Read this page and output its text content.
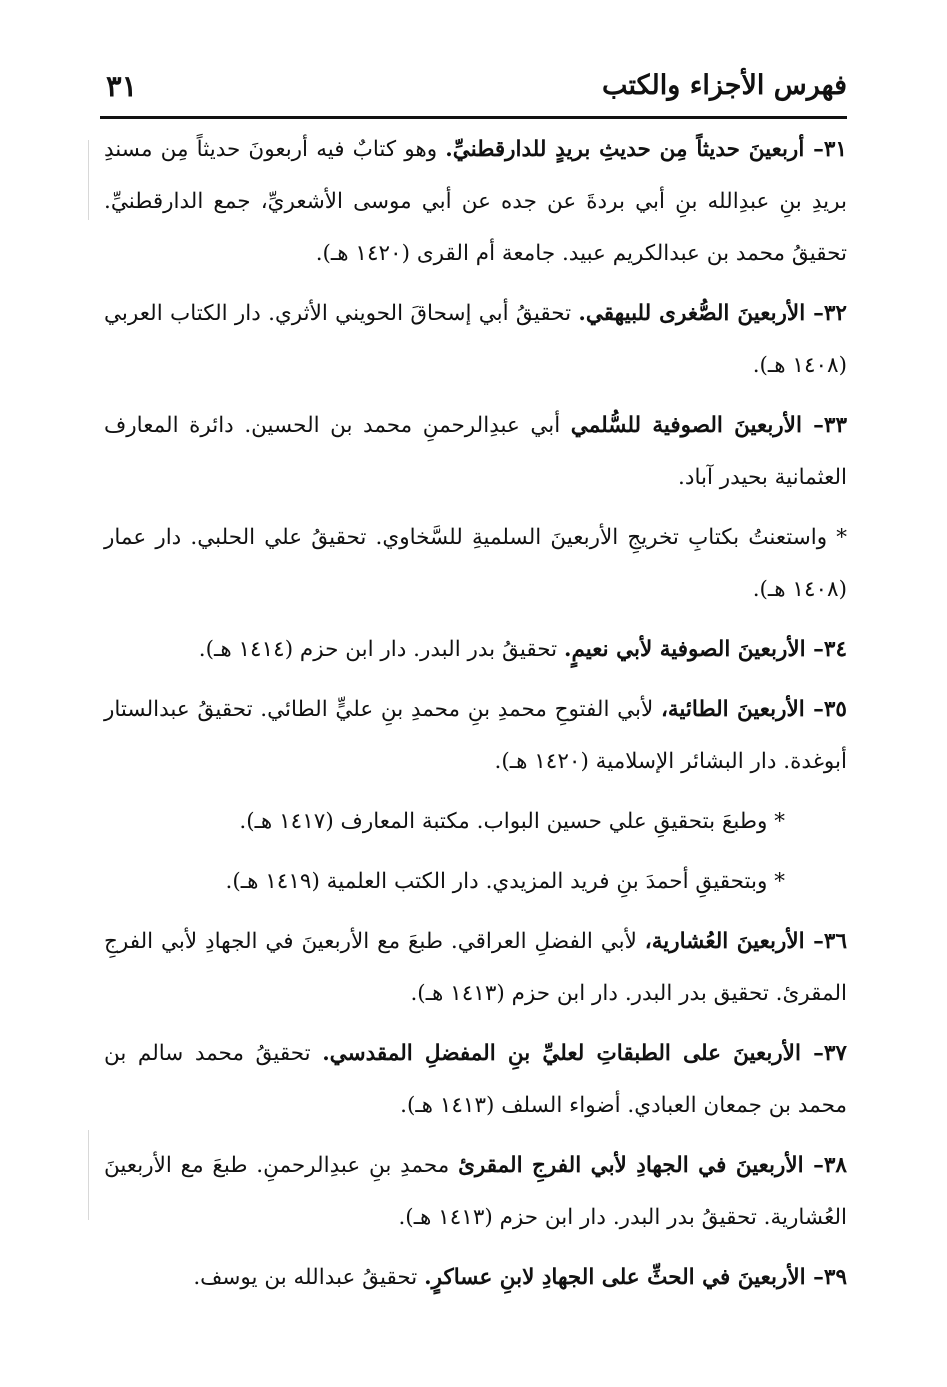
فهرس الأجزاء والكتب
٣١

٣١– أربعينَ حديثاً مِن حديثِ بريدٍ للدارقطنيِّ. وهو كتابٌ فيه أربعونَ حديثاً مِن مسندِ بريدِ بنِ عبدِالله بنِ أبي بردةَ عن جده عن أبي موسى الأشعريِّ، جمع الدارقطنيِّ. تحقيقُ محمد بن عبدالكريم عبيد. جامعة أم القرى (١٤٢٠ هـ).

٣٢– الأربعينَ الصُّغرى للبيهقي. تحقيقُ أبي إسحاقَ الحويني الأثري. دار الكتاب العربي (١٤٠٨ هـ).

٣٣– الأربعينَ الصوفية للسُّلمي أبي عبدِالرحمنِ محمد بن الحسين. دائرة المعارف العثمانية بحيدر آباد.

* واستعنتُ بكتابِ تخريجِ الأربعينَ السلميةِ للسَّخاوي. تحقيقُ علي الحلبي. دار عمار (١٤٠٨ هـ).

٣٤– الأربعينَ الصوفية لأبي نعيمٍ. تحقيقُ بدر البدر. دار ابن حزم (١٤١٤ هـ).

٣٥– الأربعينَ الطائية، لأبي الفتوحِ محمدِ بنِ محمدِ بنِ عليٍّ الطائي. تحقيقُ عبدالستار أبوغدة. دار البشائر الإسلامية (١٤٢٠ هـ).

* وطبعَ بتحقيقِ علي حسين البواب. مكتبة المعارف (١٤١٧ هـ).

* وبتحقيقِ أحمدَ بنِ فريد المزيدي. دار الكتب العلمية (١٤١٩ هـ).

٣٦– الأربعينَ العُشارية، لأبي الفضلِ العراقي. طبعَ مع الأربعينَ في الجهادِ لأبي الفرجِ المقرئ. تحقيق بدر البدر. دار ابن حزم (١٤١٣ هـ).

٣٧– الأربعينَ على الطبقاتِ لعليِّ بنِ المفضلِ المقدسي. تحقيقُ محمد سالم بن محمد بن جمعان العبادي. أضواء السلف (١٤١٣ هـ).

٣٨– الأربعينَ في الجهادِ لأبي الفرجِ المقرئ محمدِ بنِ عبدِالرحمنِ. طبعَ مع الأربعينَ العُشارية. تحقيقُ بدر البدر. دار ابن حزم (١٤١٣ هـ).

٣٩– الأربعينَ في الحثِّ على الجهادِ لابنِ عساكرٍ. تحقيقُ عبدالله بن يوسف.
